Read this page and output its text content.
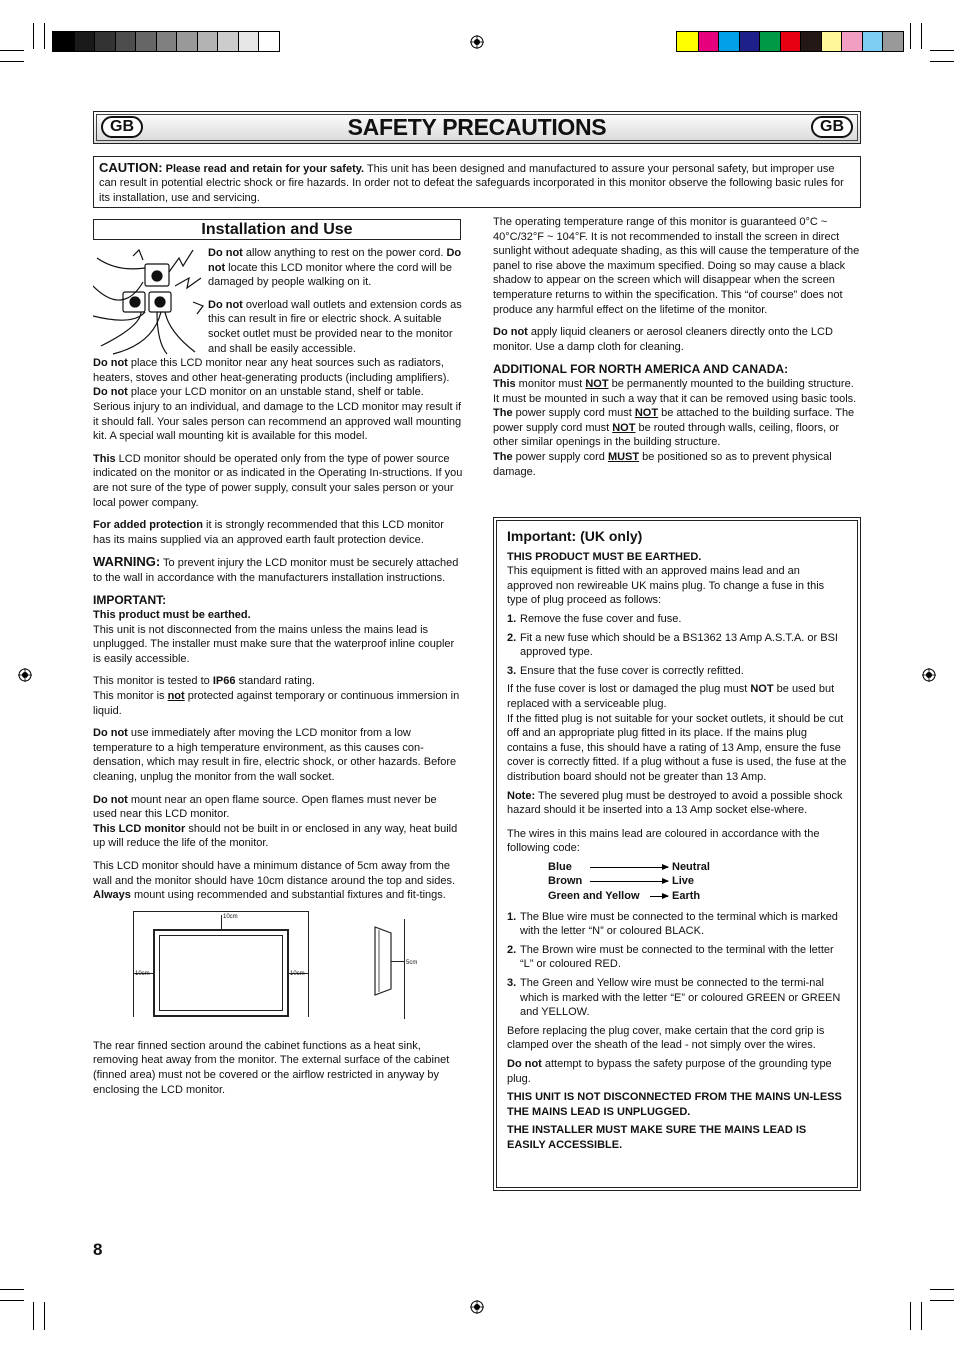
GB	SAFETY PRECAUTIONS	GB
CAUTION: Please read and retain for your safety. This unit has been designed and manufactured to assure your personal safety, but improper use can result in potential electric shock or fire hazards. In order not to defeat the safeguards incorporated in this monitor observe the following basic rules for its installation, use and servicing.
Installation and Use
Do not allow anything to rest on the power cord. Do not locate this LCD monitor where the cord will be damaged by people walking on it.
Do not overload wall outlets and extension cords as this can result in fire or electric shock. A suitable socket outlet must be provided near to the monitor and shall be easily accessible.
Do not place this LCD monitor near any heat sources such as radiators, heaters, stoves and other heat-generating products (including amplifiers).
Do not place your LCD monitor on an unstable stand, shelf or table. Serious injury to an individual, and damage to the LCD monitor may result if it should fall. Your sales person can recommend an approved wall mounting kit. A special wall mounting kit is available for this model.
This LCD monitor should be operated only from the type of power source indicated on the monitor or as indicated in the Operating In-structions. If you are not sure of the type of power supply, consult your sales person or your local power company.
For added protection it is strongly recommended that this LCD monitor has its mains supplied via an approved earth fault protection device.
WARNING: To prevent injury the LCD monitor must be securely attached to the wall in accordance with the manufacturers installation instructions.
IMPORTANT:
This product must be earthed.
This unit is not disconnected from the mains unless the mains lead is unplugged. The installer must make sure that the waterproof inline coupler is easily accessible.
This monitor is tested to IP66 standard rating.
This monitor is not protected against temporary or continuous immersion in liquid.
Do not use immediately after moving the LCD monitor from a low temperature to a high temperature environment, as this causes con-densation, which may result in fire, electric shock, or other hazards. Before cleaning, unplug the monitor from the wall socket.
Do not mount near an open flame source. Open flames must never be used near this LCD monitor.
This LCD monitor should not be built in or enclosed in any way, heat build up will reduce the life of the monitor.
This LCD monitor should have a minimum distance of 5cm away from the wall and the monitor should have 10cm distance around the top and sides.
Always mount using recommended and substantial fixtures and fit-tings.
10cm
10cm	10cm
5cm
The rear finned section around the cabinet functions as a heat sink, removing heat away from the monitor. The external surface of the cabinet (finned area) must not be covered or the airflow restricted in anyway by enclosing the LCD monitor.
The operating temperature range of this monitor is guaranteed 0°C ~ 40°C/32°F ~ 104°F. It is not recommended to install the screen in direct sunlight without adequate shading, as this will cause the temperature of the panel to rise above the maximum specified. Doing so may cause a black shadow to appear on the screen which will disappear when the screen temperature returns to within the specification. This “of course” does not produce any harmful effect on the lifetime of the monitor.
Do not apply liquid cleaners or aerosol cleaners directly onto the LCD monitor. Use a damp cloth for cleaning.
ADDITIONAL FOR NORTH AMERICA AND CANADA:
This monitor must NOT be permanently mounted to the building structure. It must be mounted in such a way that it can be removed using basic tools.
The power supply cord must NOT be attached to the building surface. The power supply cord must NOT be routed through walls, ceiling, floors, or other similar openings in the building structure.
The power supply cord MUST be positioned so as to prevent physical damage.
Important: (UK only)
THIS PRODUCT MUST BE EARTHED.
This equipment is fitted with an approved mains lead and an approved non rewireable UK mains plug. To change a fuse in this type of plug proceed as follows:
1. Remove the fuse cover and fuse.
2. Fit a new fuse which should be a BS1362 13 Amp A.S.T.A. or BSI approved type.
3. Ensure that the fuse cover is correctly refitted.
If the fuse cover is lost or damaged the plug must NOT be used but replaced with a serviceable plug.
If the fitted plug is not suitable for your socket outlets, it should be cut off and an appropriate plug fitted in its place. If the mains plug contains a fuse, this should have a rating of 13 Amp, ensure the fuse cover is correctly fitted. If a plug without a fuse is used, the fuse at the distribution board should not be greater than 13 Amp.
Note: The severed plug must be destroyed to avoid a possible shock hazard should it be inserted into a 13 Amp socket else-where.
The wires in this mains lead are coloured in accordance with the following code:
Blue	Neutral
Brown	Live
Green and Yellow	Earth
1. The Blue wire must be connected to the terminal which is marked with the letter “N” or coloured BLACK.
2. The Brown wire must be connected to the terminal with the letter “L” or coloured RED.
3. The Green and Yellow wire must be connected to the termi-nal which is marked with the letter “E” or coloured GREEN or GREEN and YELLOW.
Before replacing the plug cover, make certain that the cord grip is clamped over the sheath of the lead - not simply over the wires.
Do not attempt to bypass the safety purpose of the grounding type plug.
THIS UNIT IS NOT DISCONNECTED FROM THE MAINS UN-LESS THE MAINS LEAD IS UNPLUGGED.
THE INSTALLER MUST MAKE SURE THE MAINS LEAD IS EASILY ACCESSIBLE.
8
